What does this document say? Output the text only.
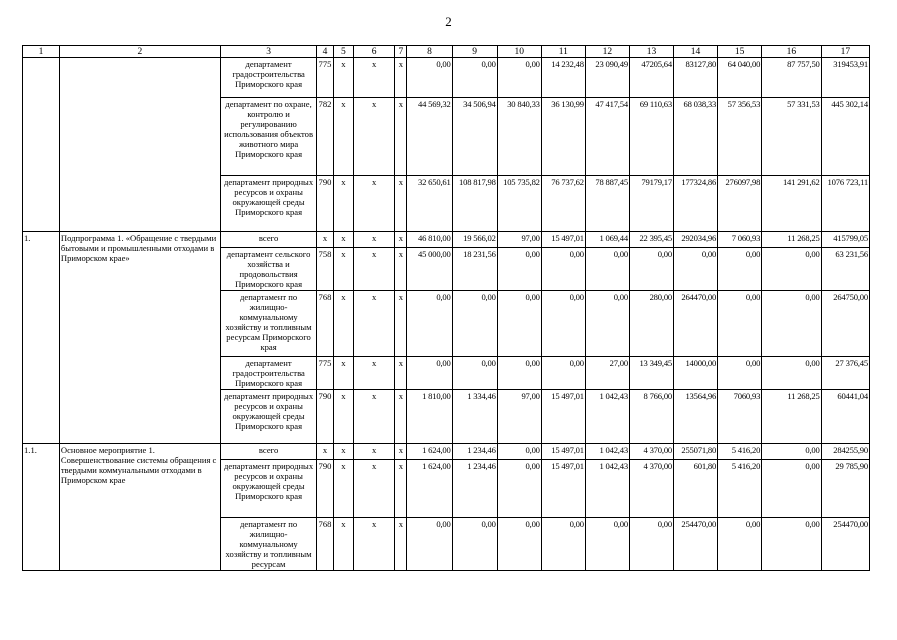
2
1	2	3	4	5	6	7	8	9	10	11	12	13	14	15	16	17
		департамент градостроительства Приморского края	775	x	x	x	0,00	0,00	0,00	14 232,48	23 090,49	47205,64	83127,80	64 040,00	87 757,50	319453,91
		департамент по охране, контролю и регулированию использования объектов животного мира Приморского края	782	x	x	x	44 569,32	34 506,94	30 840,33	36 130,99	47 417,54	69 110,63	68 038,33	57 356,53	57 331,53	445 302,14
		департамент природных ресурсов и охраны окружающей среды Приморского края	790	x	x	x	32 650,61	108 817,98	105 735,82	76 737,62	78 887,45	79179,17	177324,86	276097,98	141 291,62	1076 723,11
1.	Подпрограмма 1. «Обращение с твердыми бытовыми и промышленными отходами в Приморском крае»	всего	x	x	x	x	46 810,00	19 566,02	97,00	15 497,01	1 069,44	22 395,45	292034,96	7 060,93	11 268,25	415799,05
		департамент сельского хозяйства и продовольствия Приморского края	758	x	x	x	45 000,00	18 231,56	0,00	0,00	0,00	0,00	0,00	0,00	0,00	63 231,56
		департамент по жилищно-коммунальному хозяйству и топливным ресурсам Приморского края	768	x	x	x	0,00	0,00	0,00	0,00	0,00	280,00	264470,00	0,00	0,00	264750,00
		департамент градостроительства Приморского края	775	x	x	x	0,00	0,00	0,00	0,00	27,00	13 349,45	14000,00	0,00	0,00	27 376,45
		департамент природных ресурсов и охраны окружающей среды Приморского края	790	x	x	x	1 810,00	1 334,46	97,00	15 497,01	1 042,43	8 766,00	13564,96	7060,93	11 268,25	60441,04
1.1.	Основное мероприятие 1. Совершенствование системы обращения с твердыми коммунальными отходами в Приморском крае	всего	x	x	x	x	1 624,00	1 234,46	0,00	15 497,01	1 042,43	4 370,00	255071,80	5 416,20	0,00	284255,90
		департамент природных ресурсов и охраны окружающей среды Приморского края	790	x	x	x	1 624,00	1 234,46	0,00	15 497,01	1 042,43	4 370,00	601,80	5 416,20	0,00	29 785,90
		департамент по жилищно-коммунальному хозяйству и топливным ресурсам	768	x	x	x	0,00	0,00	0,00	0,00	0,00	0,00	254470,00	0,00	0,00	254470,00
